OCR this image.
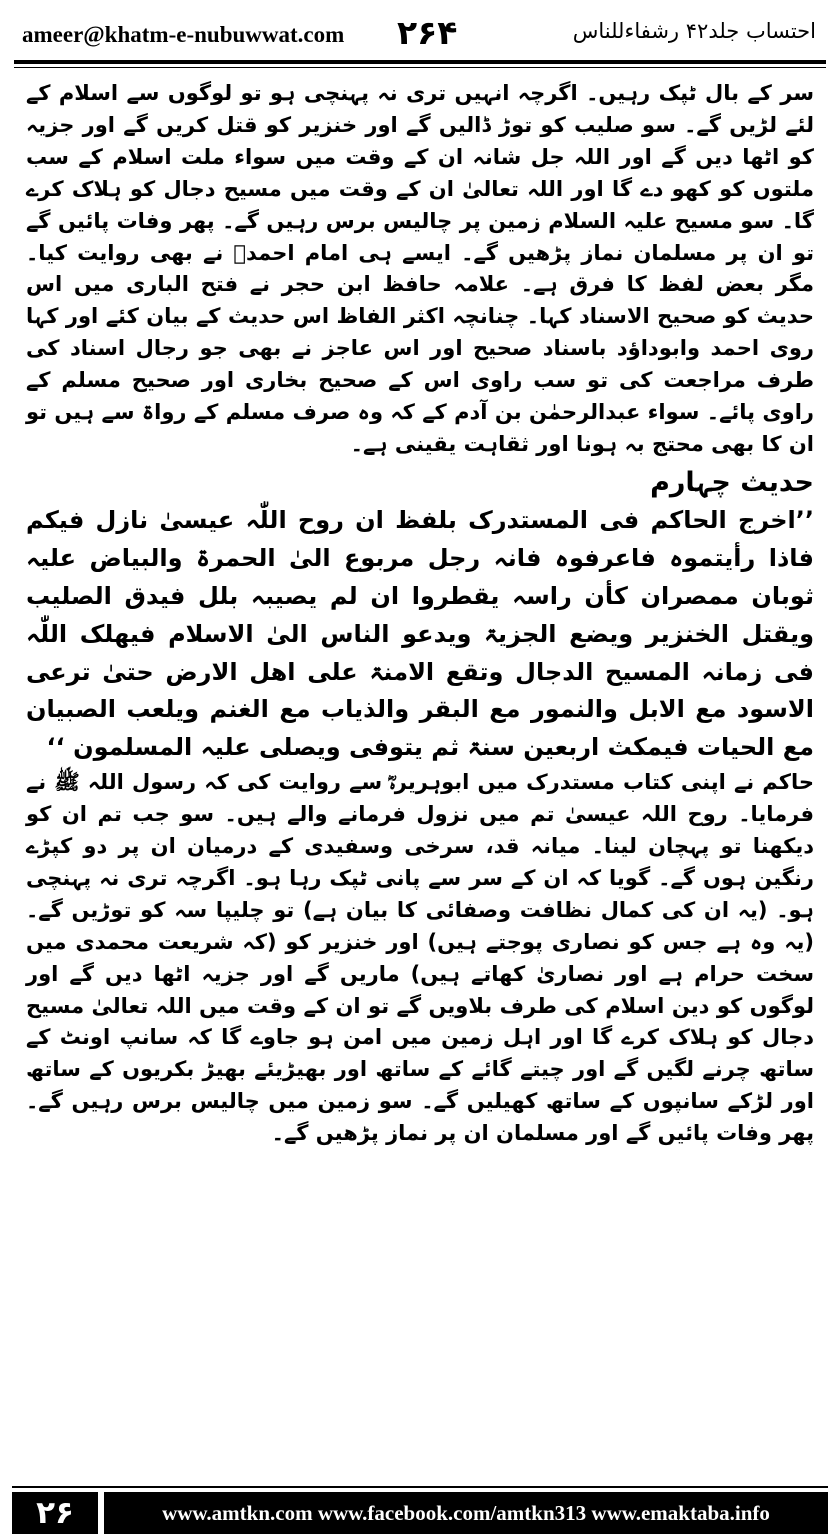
ameer@khatm-e-nubuwwat.com ۲۶۴	احتساب جلد۴۲ رشفاءللناس

سر کے بال ٹپک رہیں۔ اگرچہ انہیں تری نہ پہنچی ہو تو لوگوں سے اسلام کے لئے لڑیں گے۔ سو صلیب کو توڑ ڈالیں گے اور خنزیر کو قتل کریں گے اور جزیہ کو اٹھا دیں گے اور اللہ جل شانہ ان کے وقت میں سواء ملت اسلام کے سب ملتوں کو کھو دے گا اور اللہ تعالیٰ ان کے وقت میں مسیح دجال کو ہلاک کرے گا۔ سو مسیح علیہ السلام زمین پر چالیس برس رہیں گے۔ پھر وفات پائیں گے تو ان پر مسلمان نماز پڑھیں گے۔ ایسے ہی امام احمدؒ نے بھی روایت کیا۔ مگر بعض لفظ کا فرق ہے۔ علامہ حافظ ابن حجر نے فتح الباری میں اس حدیث کو صحیح الاسناد کہا۔ چنانچہ اکثر الفاظ اس حدیث کے بیان کئے اور کہا روی احمد وابوداؤد باسناد صحیح اور اس عاجز نے بھی جو رجال اسناد کی طرف مراجعت کی تو سب راوی اس کے صحیح بخاری اور صحیح مسلم کے راوی پائے۔ سواء عبدالرحمٰن بن آدم کے کہ وہ صرف مسلم کے رواۃ سے ہیں تو ان کا بھی محتج بہ ہونا اور ثقاہت یقینی ہے۔

حدیث چہارم

’’اخرج الحاکم فی المستدرک بلفظ ان روح اللّٰہ عیسیٰ نازل فیکم فاذا رأیتموہ فاعرفوہ فانہ رجل مربوع الیٰ الحمرۃ والبیاض علیہ ثوبان ممصران کأن راسہ یقطروا ان لم یصیبہ بلل فیدق الصلیب ویقتل الخنزیر ویضع الجزیۃ ویدعو الناس الیٰ الاسلام فیھلک اللّٰہ فی زمانہ المسیح الدجال وتقع الامنۃ علی اھل الارض حتیٰ ترعی الاسود مع الابل والنمور مع البقر والذیاب مع الغنم ویلعب الصبیان مع الحیات فیمکث اربعین سنۃ ثم یتوفی ویصلی علیہ المسلمون ‘‘

حاکم نے اپنی کتاب مستدرک میں ابوہریرہؓ سے روایت کی کہ رسول اللہ ﷺ نے فرمایا۔ روح اللہ عیسیٰ تم میں نزول فرمانے والے ہیں۔ سو جب تم ان کو دیکھنا تو پہچان لینا۔ میانہ قد، سرخی وسفیدی کے درمیان ان پر دو کپڑے رنگین ہوں گے۔ گویا کہ ان کے سر سے پانی ٹپک رہا ہو۔ اگرچہ تری نہ پہنچی ہو۔ (یہ ان کی کمال نظافت وصفائی کا بیان ہے) تو چلیپا سہ کو توڑیں گے۔ (یہ وہ ہے جس کو نصاری پوجتے ہیں) اور خنزیر کو (کہ شریعت محمدی میں سخت حرام ہے اور نصاریٰ کھاتے ہیں) ماریں گے اور جزیہ اٹھا دیں گے اور لوگوں کو دین اسلام کی طرف بلاویں گے تو ان کے وقت میں اللہ تعالیٰ مسیح دجال کو ہلاک کرے گا اور اہل زمین میں امن ہو جاوے گا کہ سانپ اونٹ کے ساتھ چرنے لگیں گے اور چیتے گائے کے ساتھ اور بھیڑیئے بھیڑ بکریوں کے ساتھ اور لڑکے سانپوں کے ساتھ کھیلیں گے۔ سو زمین میں چالیس برس رہیں گے۔ پھر وفات پائیں گے اور مسلمان ان پر نماز پڑھیں گے۔

۲۶	www.amtkn.com www.facebook.com/amtkn313 www.emaktaba.info
